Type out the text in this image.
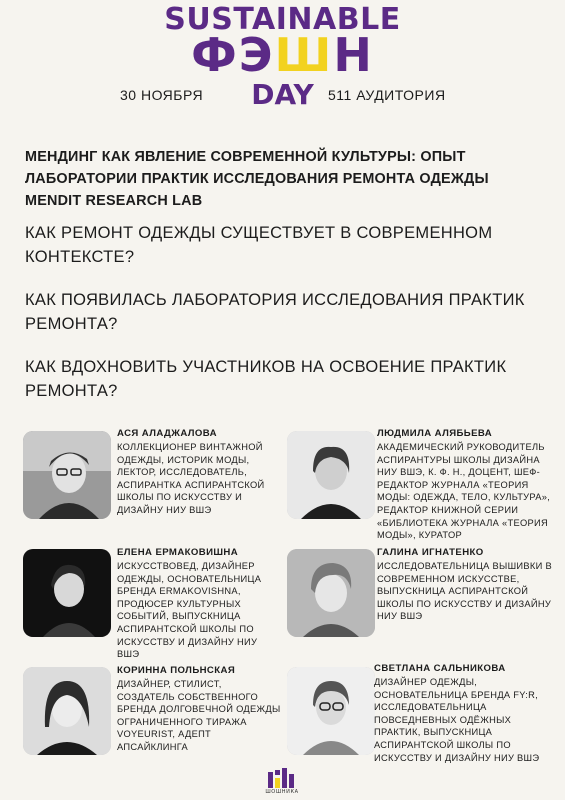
SUSTAINABLE
ФЭШН
DAY
30 НОЯБРЯ	511 АУДИТОРИЯ
МЕНДИНГ КАК ЯВЛЕНИЕ СОВРЕМЕННОЙ КУЛЬТУРЫ: ОПЫТ ЛАБОРАТОРИИ ПРАКТИК ИССЛЕДОВАНИЯ РЕМОНТА ОДЕЖДЫ MENDIT RESEARCH LAB

КАК РЕМОНТ ОДЕЖДЫ СУЩЕСТВУЕТ В СОВРЕМЕННОМ КОНТЕКСТЕ?

КАК ПОЯВИЛАСЬ ЛАБОРАТОРИЯ ИССЛЕДОВАНИЯ ПРАКТИК РЕМОНТА?

КАК ВДОХНОВИТЬ УЧАСТНИКОВ НА ОСВОЕНИЕ ПРАКТИК РЕМОНТА?

АСЯ АЛАДЖАЛОВА
КОЛЛЕКЦИОНЕР ВИНТАЖНОЙ ОДЕЖДЫ, ИСТОРИК МОДЫ, ЛЕКТОР, ИССЛЕДОВАТЕЛЬ, АСПИРАНТКА АСПИРАНТСКОЙ ШКОЛЫ ПО ИСКУССТВУ И ДИЗАЙНУ НИУ ВШЭ
ЛЮДМИЛА АЛЯБЬЕВА
АКАДЕМИЧЕСКИЙ РУКОВОДИТЕЛЬ АСПИРАНТУРЫ ШКОЛЫ ДИЗАЙНА НИУ ВШЭ, К. Ф. Н., ДОЦЕНТ, ШЕФ-РЕДАКТОР ЖУРНАЛА «ТЕОРИЯ МОДЫ: ОДЕЖДА, ТЕЛО, КУЛЬТУРА», РЕДАКТОР КНИЖНОЙ СЕРИИ «БИБЛИОТЕКА ЖУРНАЛА «ТЕОРИЯ МОДЫ», КУРАТОР
ЕЛЕНА ЕРМАКОВИШНА
ИСКУССТВОВЕД, ДИЗАЙНЕР ОДЕЖДЫ, ОСНОВАТЕЛЬНИЦА БРЕНДА ERMAKOVISHNA, ПРОДЮСЕР КУЛЬТУРНЫХ СОБЫТИЙ, ВЫПУСКНИЦА АСПИРАНТСКОЙ ШКОЛЫ ПО ИСКУССТВУ И ДИЗАЙНУ НИУ ВШЭ
ГАЛИНА ИГНАТЕНКО
ИССЛЕДОВАТЕЛЬНИЦА ВЫШИВКИ В СОВРЕМЕННОМ ИСКУССТВЕ, ВЫПУСКНИЦА АСПИРАНТСКОЙ ШКОЛЫ ПО ИСКУССТВУ И ДИЗАЙНУ НИУ ВШЭ
КОРИННА ПОЛЬНСКАЯ
ДИЗАЙНЕР, СТИЛИСТ, СОЗДАТЕЛЬ СОБСТВЕННОГО БРЕНДА ДОЛГОВЕЧНОЙ ОДЕЖДЫ ОГРАНИЧЕННОГО ТИРАЖА VOYEURIST, АДЕПТ АПСАЙКЛИНГА
СВЕТЛАНА САЛЬНИКОВА
ДИЗАЙНЕР ОДЕЖДЫ, ОСНОВАТЕЛЬНИЦА БРЕНДА FY:R, ИССЛЕДОВАТЕЛЬНИЦА ПОВСЕДНЕВНЫХ ОДЁЖНЫХ ПРАКТИК, ВЫПУСКНИЦА АСПИРАНТСКОЙ ШКОЛЫ ПО ИСКУССТВУ И ДИЗАЙНУ НИУ ВШЭ
ШОШНИКА
